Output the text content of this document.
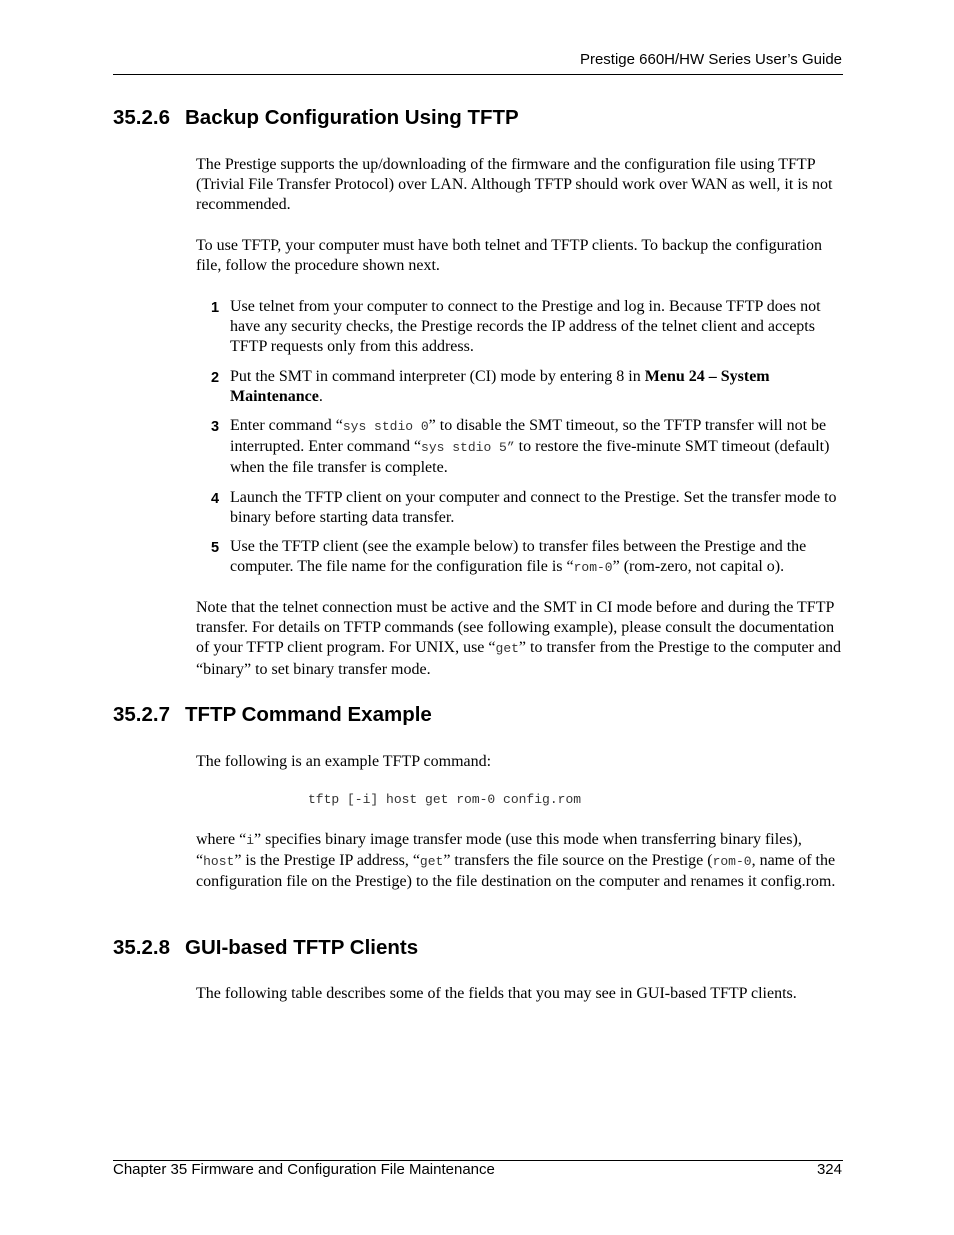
Prestige 660H/HW Series User’s Guide
35.2.6 Backup Configuration Using TFTP

The Prestige supports the up/downloading of the firmware and the configuration file using TFTP (Trivial File Transfer Protocol) over LAN. Although TFTP should work over WAN as well, it is not recommended.

To use TFTP, your computer must have both telnet and TFTP clients. To backup the configuration file, follow the procedure shown next.

1 Use telnet from your computer to connect to the Prestige and log in. Because TFTP does not have any security checks, the Prestige records the IP address of the telnet client and accepts TFTP requests only from this address.
2 Put the SMT in command interpreter (CI) mode by entering 8 in Menu 24 – System Maintenance.
3 Enter command “sys stdio 0” to disable the SMT timeout, so the TFTP transfer will not be interrupted. Enter command “sys stdio 5” to restore the five-minute SMT timeout (default) when the file transfer is complete.
4 Launch the TFTP client on your computer and connect to the Prestige. Set the transfer mode to binary before starting data transfer.
5 Use the TFTP client (see the example below) to transfer files between the Prestige and the computer. The file name for the configuration file is “rom-0” (rom-zero, not capital o).

Note that the telnet connection must be active and the SMT in CI mode before and during the TFTP transfer. For details on TFTP commands (see following example), please consult the documentation of your TFTP client program. For UNIX, use “get” to transfer from the Prestige to the computer and “binary” to set binary transfer mode.

35.2.7 TFTP Command Example

The following is an example TFTP command:

tftp [-i] host get rom-0 config.rom

where “i” specifies binary image transfer mode (use this mode when transferring binary files), “host” is the Prestige IP address, “get” transfers the file source on the Prestige (rom-0, name of the configuration file on the Prestige) to the file destination on the computer and renames it config.rom.

35.2.8 GUI-based TFTP Clients

The following table describes some of the fields that you may see in GUI-based TFTP clients.

Chapter 35 Firmware and Configuration File Maintenance	324
